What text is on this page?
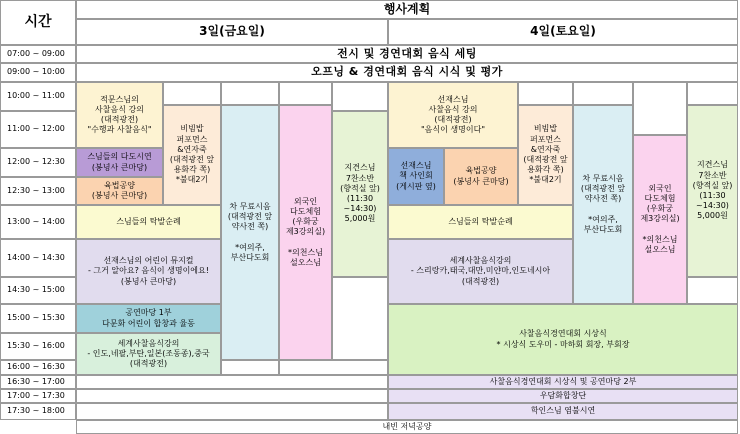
시간
행사계획
3일(금요일)	4일(토요일)
07:00 ~ 09:00
09:00 ~ 10:00
10:00 ~ 11:00
11:00 ~ 12:00
12:00 ~ 12:30
12:30 ~ 13:00
13:00 ~ 14:00
14:00 ~ 14:30
14:30 ~ 15:00
15:00 ~ 15:30
15:30 ~ 16:00
16:00 ~ 16:30
16:30 ~ 17:00
17:00 ~ 17:30
17:30 ~ 18:00
전시 및 경연대회 음식 세팅
오프닝 & 경연대회 음식 시식 및 평가
적문스님의
사찰음식 강의
(대적광전)
"수행과 사찰음식"
스님들의 다도시연
(봉녕사 큰마당)
육법공양
(봉녕사 큰마당)
비빔밥
퍼포먼스
&연자죽
(대적광전 앞
용화각 쪽)
*불대2기
차 무료시음
(대적광전 앞
약사전 쪽)

*여의주,
부산다도회
외국인
다도체험
(우화궁
제3강의실)

*의천스님
설오스님
지견스님
7찬소반
(향적실 앞)
(11:30
~14:30)
5,000원
스님들의 탁발순례
선재스님의 어린이 뮤지컬
- 그거 알아요? 음식이 생명이에요!
(봉녕사 큰마당)
공연마당 1부
다문화 어린이 합창과 율동
세계사찰음식강의
- 인도,네팔,부탄,일본(조동종),중국
(대적광전)
선재스님
사찰음식 강의
(대적광전)
"음식이 생명이다"
선재스님
책 사인회
(게시판 옆)
육법공양
(봉녕사 큰마당)
비빔밥
퍼포먼스
&연자죽
(대적광전 앞
용화각 쪽)
*불대2기	차 무료시음
(대적광전 앞
약사전 쪽)

*여의주,
부산다도회
외국인
다도체험
(우화궁
제3강의실)

*의천스님
설오스님
지견스님
7찬소반
(향적실 앞)
(11:30
~14:30)
5,000원
스님들의 탁발순례
세계사찰음식강의
- 스리랑카,태국,대만,미얀마,인도네시아
(대적광전)
사찰음식경연대회 시상식
* 시상식 도우미 - 마하회 회장, 부회장
사찰음식경연대회 시상식 및 공연마당 2부
우담화합창단
학인스님 염불시연
내빈 저녁공양
